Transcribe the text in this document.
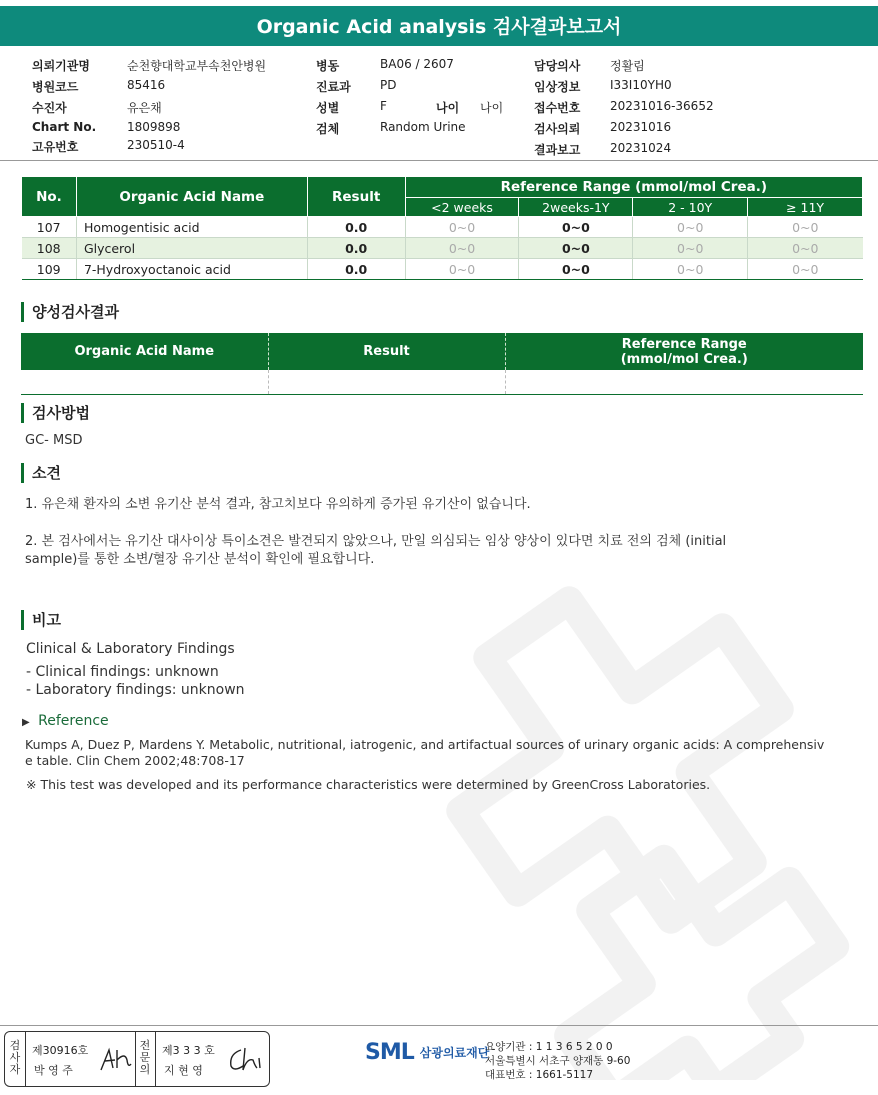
Organic Acid analysis 검사결과보고서
의뢰기관명	순천향대학교부속천안병원
병원코드	85416
수진자	유은채
Chart No.	1809898
고유번호	230510-4
병동	BA06 / 2607
진료과	PD
성별	F	나이	나이
검체	Random Urine
담당의사	정활림
임상정보	I33I10YH0
접수번호	20231016-36652
검사의뢰	20231016
결과보고	20231024
No.	Organic Acid Name	Result	Reference Range (mmol/mol Crea.)			
			<2 weeks	2weeks-1Y	2 - 10Y	≥ 11Y
107	Homogentisic acid	0.0	0~0	0~0	0~0	0~0
108	Glycerol	0.0	0~0	0~0	0~0	0~0
109	7-Hydroxyoctanoic acid	0.0	0~0	0~0	0~0	0~0
양성검사결과
Organic Acid Name	Result	Reference Range
(mmol/mol Crea.)

검사방법
GC- MSD
소견
1. 유은채 환자의 소변 유기산 분석 결과, 참고치보다 유의하게 증가된 유기산이 없습니다.
2. 본 검사에서는 유기산 대사이상 특이소견은 발견되지 않았으나, 만일 의심되는 임상 양상이 있다면 치료 전의 검체 (initial
sample)를 통한 소변/혈장 유기산 분석이 확인에 필요합니다.
비고
Clinical & Laboratory Findings
- Clinical findings: unknown
- Laboratory findings: unknown
▶ Reference
Kumps A, Duez P, Mardens Y. Metabolic, nutritional, iatrogenic, and artifactual sources of urinary organic acids: A comprehensiv
e table. Clin Chem 2002;48:708-17
※ This test was developed and its performance characteristics were determined by GreenCross Laboratories.
검
사
자
제30916호
박 영 주
전
문
의
제3 3 3 호
지 현 영
SML 삼광의료재단
요양기관 : 1 1 3 6 5 2 0 0
서울특별시 서초구 양재동 9-60
대표번호 : 1661-5117
